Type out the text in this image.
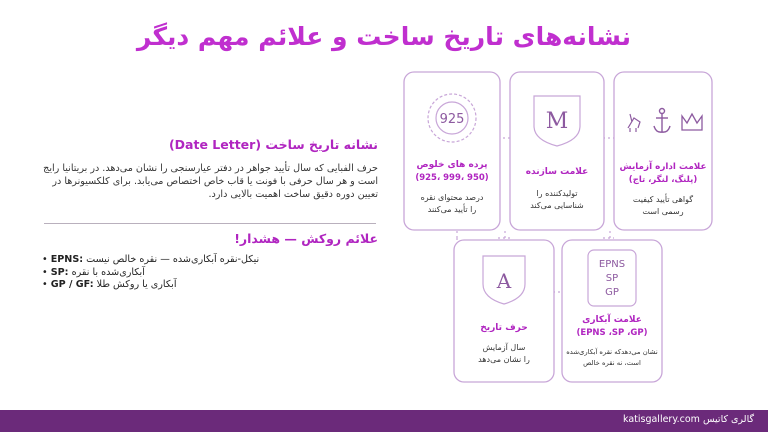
نشانه‌های تاریخ ساخت و علائم مهم دیگر
نشانه تاریخ ساخت (Date Letter)
حرف الفبایی که سال تأیید جواهر در دفتر عیارسنجی را نشان می‌دهد. در بریتانیا رایج است و هر سال حرفی با فونت یا قاب خاص اختصاص می‌یابد. برای کلکسیونرها در تعیین دوره دقیق ساخت اهمیت بالایی دارد.
علائم روکش — هشدار!
• EPNS: نیکل-نقره آبکاری‌شده — نقره خالص نیست
• SP: آبکاری‌شده با نقره
• GP / GF: آبکاری یا روکش طلا
925
پرده های خلوص
(925، 999، 950)
درصد محتوای نقره
را تأیید می‌کنند
M
علامت سازنده
تولیدکننده را
شناسایی می‌کند
علامت اداره آزمایش
(پلنگ، لنگر، تاج)
گواهی تأیید کیفیت
رسمی است
A
حرف تاریخ
سال آزمایش
را نشان می‌دهد
EPNS
SP
GP
علامت آبکاری
(EPNS ،SP ،GP)
نشان می‌دهدکه نقره آبکاری‌شده
است، نه نقره خالص
گالری کاتیس katisgallery.com
